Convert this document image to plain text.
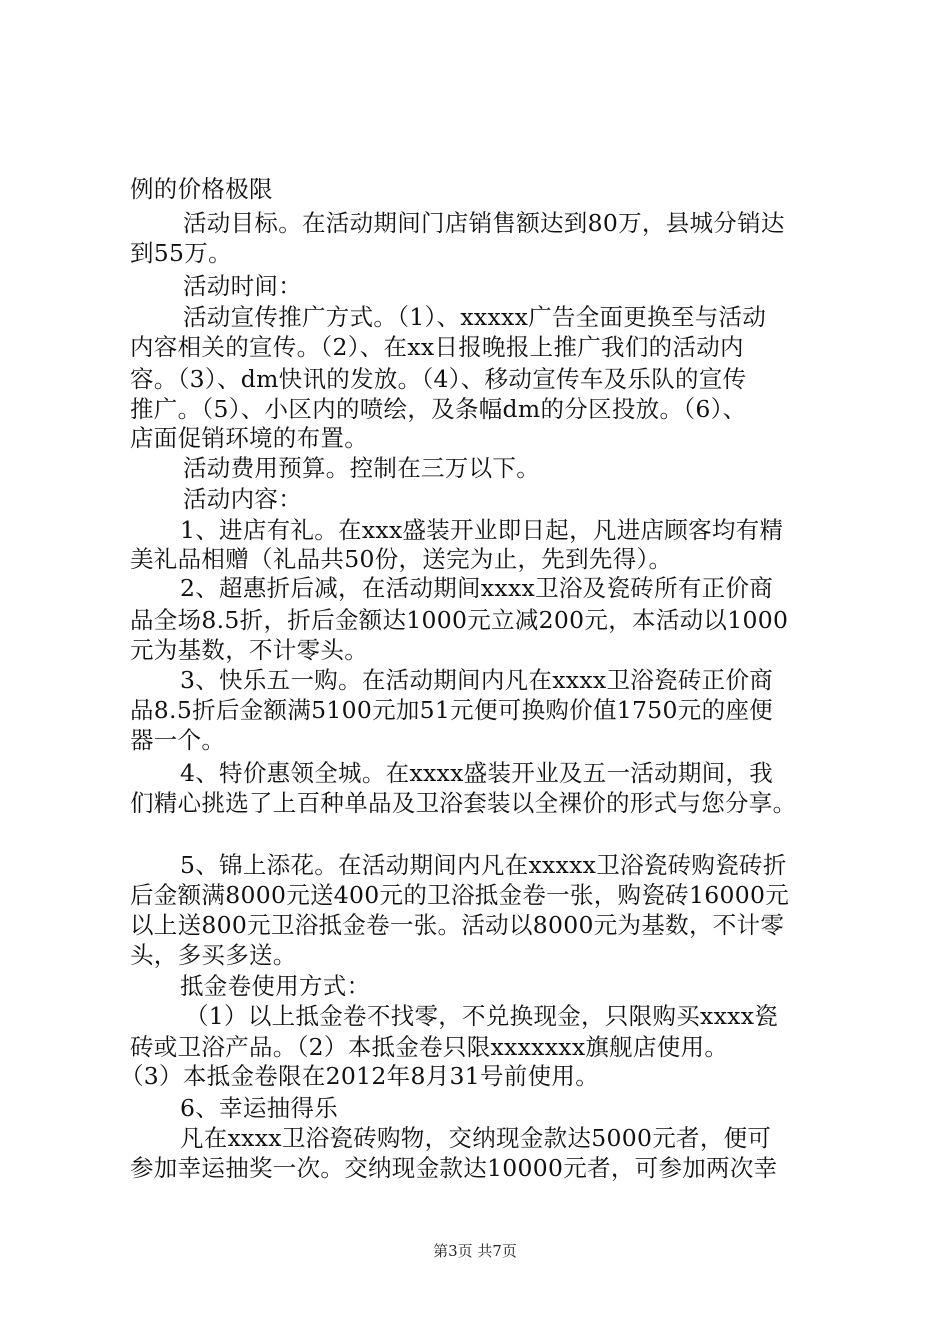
例的价格极限
活动目标。在活动期间门店销售额达到80万，县城分销达
到55万。
活动时间：
活动宣传推广方式。（1）、xxxxx广告全面更换至与活动
内容相关的宣传。（2）、在xx日报晚报上推广我们的活动内
容。（3）、dm快讯的发放。（4）、移动宣传车及乐队的宣传
推广。（5）、小区内的喷绘，及条幅dm的分区投放。（6）、
店面促销环境的布置。
活动费用预算。控制在三万以下。
活动内容：
1、进店有礼。在xxx盛装开业即日起，凡进店顾客均有精
美礼品相赠（礼品共50份，送完为止，先到先得）。
2、超惠折后减，在活动期间xxxx卫浴及瓷砖所有正价商
品全场8.5折，折后金额达1000元立减200元，本活动以1000
元为基数，不计零头。
3、快乐五一购。在活动期间内凡在xxxx卫浴瓷砖正价商
品8.5折后金额满5100元加51元便可换购价值1750元的座便
器一个。
4、特价惠领全城。在xxxx盛装开业及五一活动期间，我
们精心挑选了上百种单品及卫浴套装以全裸价的形式与您分享。
5、锦上添花。在活动期间内凡在xxxxx卫浴瓷砖购瓷砖折
后金额满8000元送400元的卫浴抵金卷一张，购瓷砖16000元
以上送800元卫浴抵金卷一张。活动以8000元为基数，不计零
头，多买多送。
抵金卷使用方式：
（1）以上抵金卷不找零，不兑换现金，只限购买xxxx瓷
砖或卫浴产品。（2）本抵金卷只限xxxxxxx旗舰店使用。
（3）本抵金卷限在2012年8月31号前使用。
6、幸运抽得乐
凡在xxxx卫浴瓷砖购物，交纳现金款达5000元者，便可
参加幸运抽奖一次。交纳现金款达10000元者，可参加两次幸
第3页 共7页
